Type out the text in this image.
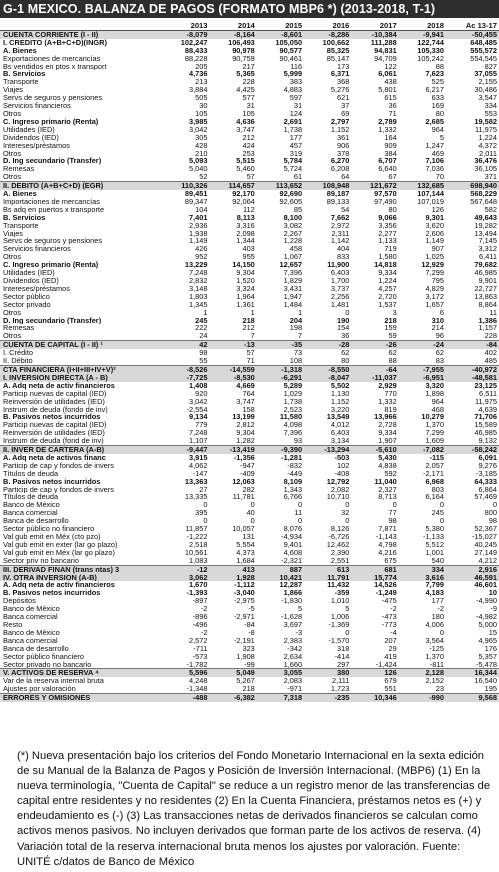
G-1 MEXICO. BALANZA DE PAGOS (FORMATO MBP6 *) (2013-2018, T-1)
	2013	2014	2015	2016	2017	2018	Ac 13-17
CUENTA CORRIENTE (I - II)	-8,079	-8,164	-8,601	-8,286	-10,384	-9,941	-50,455
I. CREDITO (A+B+C+D)(INGR)	102,247	106,493	105,050	100,662	111,288	122,744	648,485
A. Bienes	88,433	90,978	90,577	85,325	94,831	105,330	555,572
Exportaciones de mercancías	88,228	90,759	90,461	85,147	94,709	105,242	554,545
Bs vendidos en ptos x transport	205	217	116	173	122	88	827
B. Servicios	4,736	5,365	5,999	6,371	6,061	7,623	37,055
Transporte	213	228	383	368	438	525	2,155
Viajes	3,884	4,425	4,883	5,276	5,801	6,217	30,486
Servs de seguros y pensiones	505	577	597	621	615	633	3,547
Servicios financieros	30	31	31	37	36	169	334
Otros	105	105	124	69	71	80	553
C. Ingreso primario (Renta)	3,985	4,636	2,691	2,797	2,789	2,685	19,582
Utilidades (IED)	3,042	3,747	1,738	1,152	1,332	964	11,975
Dividendos (IED)	305	212	177	361	164	5	1,224
Intereses/préstamos	428	424	457	906	909	1,247	4,372
Otros	210	253	319	378	384	469	2,011
D. Ing secundario (Transfer)	5,093	5,515	5,784	6,270	6,707	7,106	36,476
Remesas	5,040	5,460	5,724	6,208	6,640	7,036	36,105
Otros	52	57	61	64	67	70	371
II. DEBITO (A+B+C+D) (EGR)	110,326	114,657	113,652	108,948	121,672	132,685	698,940
A. Bienes	89,451	92,170	92,690	89,187	97,570	107,144	568,229
Importaciones de mercancías	89,347	92,064	92,605	89,133	97,490	107,019	567,648
Bs adq en puertos x transporte	104	112	85	54	80	126	582
B. Servicios	7,401	8,113	8,100	7,662	9,066	9,301	49,643
Transporte	2,936	3,316	3,082	2,972	3,356	3,620	19,282
Viajes	1,938	2,098	2,267	2,311	2,277	2,606	13,494
Servs de seguros y pensiones	1,149	1,344	1,228	1,142	1,133	1,149	7,145
Servicios financieros	426	403	458	404	719	907	3,312
Otros	952	955	1,067	833	1,580	1,025	6,411
C. Ingreso primario (Renta)	13,229	14,150	12,657	11,900	14,818	12,929	79,682
Utilidades (IED)	7,248	9,304	7,396	6,403	9,334	7,299	46,985
Dividendos (IED)	2,832	1,520	1,829	1,700	1,224	795	9,901
Intereses/préstamos	3,148	3,324	3,431	3,737	4,257	4,829	22,727
Sector público	1,803	1,964	1,947	2,256	2,720	3,172	13,863
Sector privado	1,345	1,361	1,484	1,481	1,537	1,657	8,864
Otros	1	1	1	0	3	6	11
D. Ing secundario (Transfer)	245	218	204	190	218	310	1,386
Remesas	222	212	198	154	159	214	1,157
Otros	24	7	7	36	59	96	228
CUENTA DE CAPITAL (I - II) ¹	42	-13	-35	-28	-26	-24	-84
I. Crédito	98	57	73	62	62	62	402
II. Débito	55	71	108	80	88	83	485
CTA FINANCIERA (I+II+III+IV+V)²	-8,526	-14,559	-1,318	-8,550	-64	-7,955	-40,972
I. INVERSION DIRECTA (A - B)	-7,725	-8,530	-6,291	-8,047	-11,037	-6,951	-48,581
A. Adq neta de activ financieros	1,408	4,669	5,289	5,502	2,929	3,320	23,125
Particip nuevas de capital (IED)	920	764	1,029	1,130	770	1,898	6,511
Reinversión de utilidades (IED)	3,042	3,747	1,738	1,152	1,332	964	11,975
Instrum de deuda (fondo de inv)	-2,554	158	2,523	3,220	819	468	4,639
B. Pasivos netos incurridos	9,134	13,199	11,580	13,549	13,966	10,279	71,706
Particip nuevas de capital (IED)	779	2,812	4,098	4,012	2,728	1,370	15,589
Reinversión de utilidades (IED)	7,248	9,304	7,396	6,403	9,334	7,299	46,985
Instrum de deuda (fond de inv)	1,107	1,282	93	3,134	1,907	1,609	9,132
II. INVER DE CARTERA (A-B)	-9,447	-13,419	-9,390	-13,294	-5,610	-7,082	-58,242
A. Adq neta de activos financ	3,915	-1,356	-1,281	-503	5,430	-115	6,091
Particip de cap y fondos de invers	4,062	-947	-832	102	4,838	2,057	9,276
Títulos de deuda	-147	-409	-449	-408	592	-2,171	-3,185
B. Pasivos netos incurridos	13,363	12,063	8,109	12,792	11,040	6,968	64,333
Particip de cap y fondos de invers	27	282	1,343	2,082	2,327	803	6,864
Títulos de deuda	13,335	11,781	6,766	10,710	8,713	6,164	57,469
Banco de México	0	0	0	0	0	0	0
Banca comercial	395	40	11	32	77	245	800
Banca de desarrollo	0	0	0	0	98	0	98
Sector público no financiero	11,857	10,057	8,076	8,126	7,871	5,380	52,367
Val gub emit en Méx (cto pzo)	-1,222	131	-4,934	-6,726	-1,143	-1,133	-15,027
Val gub emit en exter (lar go plazo)	2,518	5,554	9,401	12,462	4,798	5,512	40,245
Val gub emit en Méx (lar go plazo)	10,561	4,373	4,608	2,390	4,216	1,001	27,149
Sector priv no bancario	1,083	1,684	-2,321	2,551	675	540	4,212
III. DERIVAD FINAN (trans ntas) 3	-12	413	887	613	681	334	2,916
IV. OTRA INVERSION (A-B)	3,062	1,928	10,421	11,791	15,774	3,616	46,591
A. Adq neta de activ financieros	1,670	-1,112	12,287	11,432	14,526	7,799	46,601
B. Pasivos netos incurridos	-1,393	-3,040	1,866	-359	-1,249	4,183	10
Depósitos	-897	-2,975	-1,830	1,010	-475	177	-4,990
Banco de México	-2	-5	5	5	-2	-2	-9
Banca comercial	-896	-2,971	-1,628	1,006	-473	180	-4,982
Resto	-496	-84	3,697	-1,369	-773	4,006	5,000
Banco de México	-2	-8	-3	0	-4	0	15
Banca comercial	2,572	-2,191	2,383	-1,570	207	3,564	4,965
Banca de desarrollo	-711	323	-342	318	29	-125	176
Sector público financiero	-573	1,908	2,634	-414	419	1,370	5,357
Sector privado no bancario	-1,782	-99	1,660	297	-1,424	-811	-5,478
V. ACTIVOS DE RESERVA ⁴	5,596	5,049	3,055	380	126	2,128	16,344
Var de la reserva internal bruta	4,248	5,267	2,083	2,111	679	2,152	16,540
Ajustes por valoración	-1,348	218	-971	1,723	551	23	195
ERRORES Y OMISIONES	-488	-6,382	7,318	-235	10,346	-990	9,568
(*) Nueva presentación bajo los criterios del Fondo Monetario Internacional en la sexta edición de su Manual de la Balanza de Pagos y Posición de Inversión Internacional. (MBP6) (1) En la nueva terminología, "Cuenta de Capital" se reduce a un registro menor de las transferencias de capital entre residentes y no residentes (2) En la Cuenta Financiera, préstamos netos es (+) y endeudamiento es (-) (3) Las transacciones netas de derivados financieros se calculan como activos menos pasivos. No incluyen derivados que forman parte de los activos de reserva. (4) Variación total de la reserva internacional bruta menos los ajustes por valoración. Fuente: UNITÉ c/datos de Banco de México
